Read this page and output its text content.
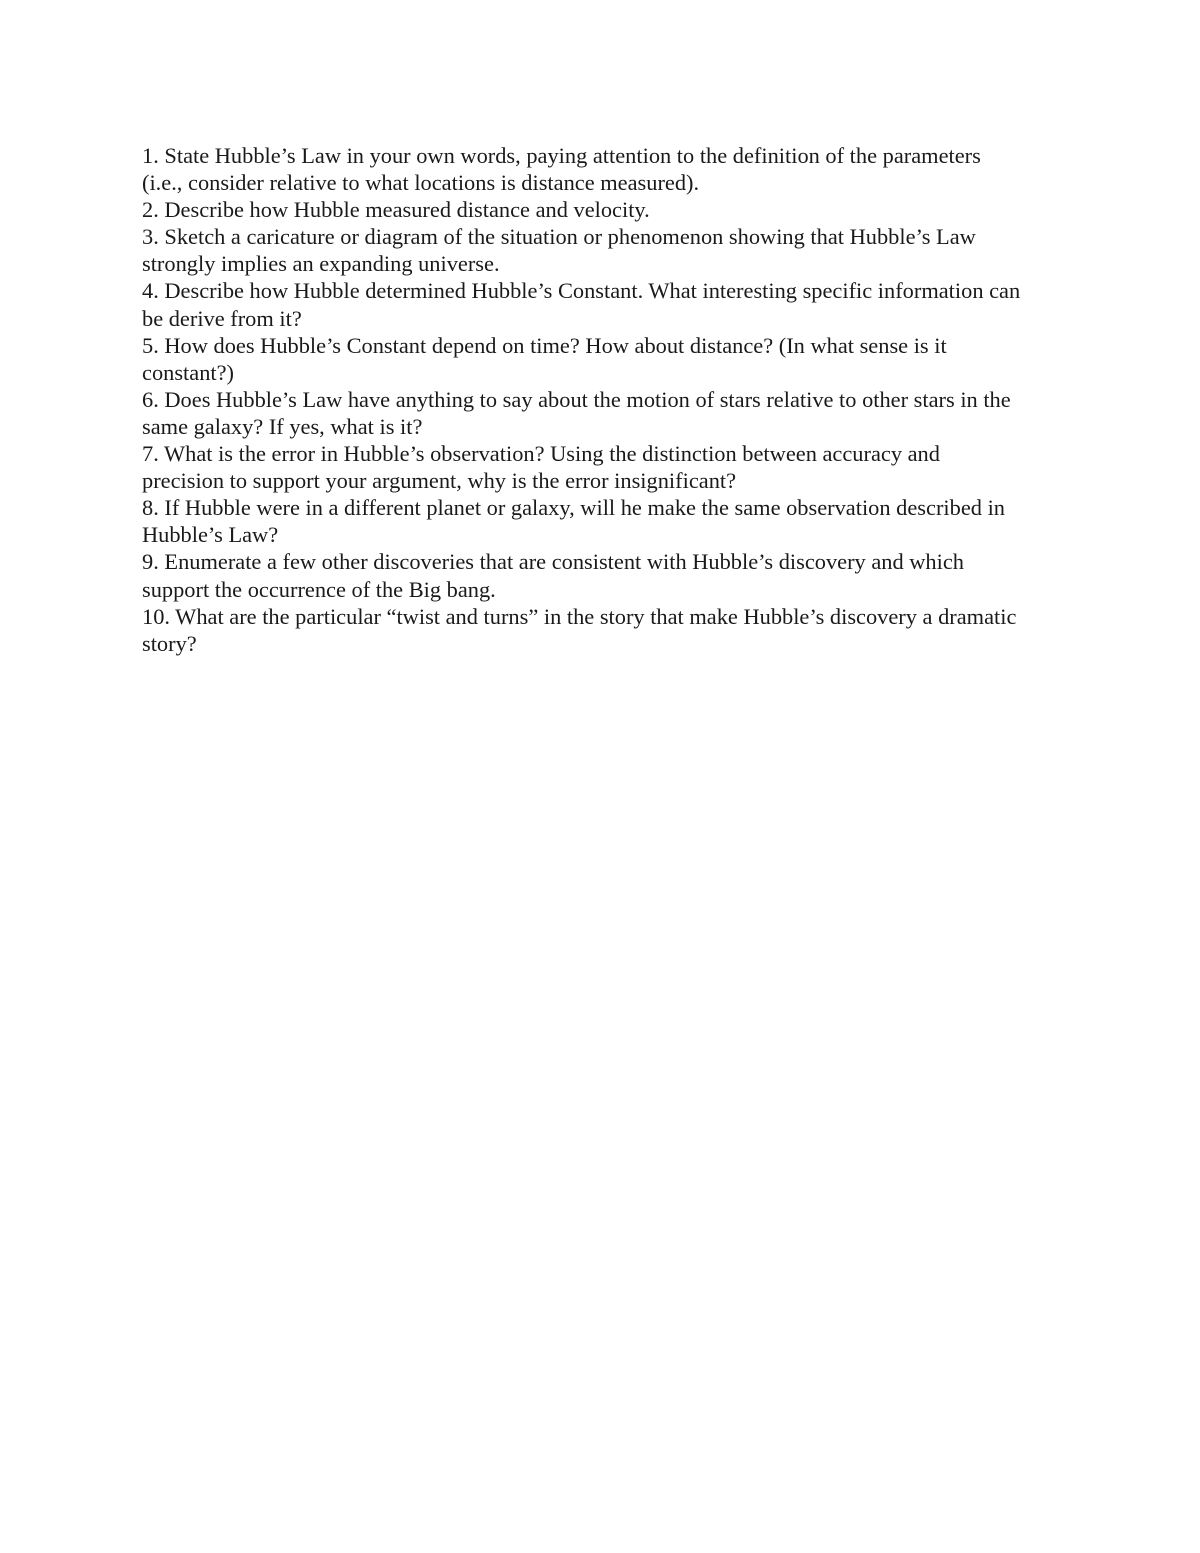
1. State Hubble’s Law in your own words, paying attention to the definition of the parameters (i.e., consider relative to what locations is distance measured).
2. Describe how Hubble measured distance and velocity.
3. Sketch a caricature or diagram of the situation or phenomenon showing that Hubble’s Law strongly implies an expanding universe.
4. Describe how Hubble determined Hubble’s Constant. What interesting specific information can be derive from it?
5. How does Hubble’s Constant depend on time? How about distance? (In what sense is it constant?)
6. Does Hubble’s Law have anything to say about the motion of stars relative to other stars in the same galaxy? If yes, what is it?
7. What is the error in Hubble’s observation? Using the distinction between accuracy and precision to support your argument, why is the error insignificant?
8. If Hubble were in a different planet or galaxy, will he make the same observation described in Hubble’s Law?
9. Enumerate a few other discoveries that are consistent with Hubble’s discovery and which support the occurrence of the Big bang.
10. What are the particular “twist and turns” in the story that make Hubble’s discovery a dramatic story?
